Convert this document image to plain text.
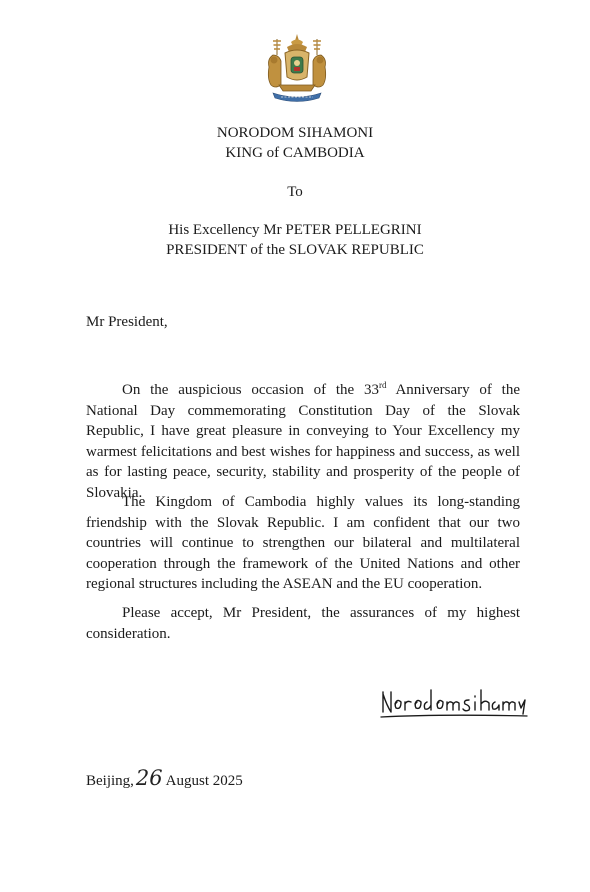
NORODOM SIHAMONI
KING of CAMBODIA
To
His Excellency Mr PETER PELLEGRINI
PRESIDENT of the SLOVAK REPUBLIC
Mr President,

On the auspicious occasion of the 33rd Anniversary of the National Day commemorating Constitution Day of the Slovak Republic, I have great pleasure in conveying to Your Excellency my warmest felicitations and best wishes for happiness and success, as well as for lasting peace, security, stability and prosperity of the people of Slovakia.

The Kingdom of Cambodia highly values its long-standing friendship with the Slovak Republic. I am confident that our two countries will continue to strengthen our bilateral and multilateral cooperation through the framework of the United Nations and other regional structures including the ASEAN and the EU cooperation.

Please accept, Mr President, the assurances of my highest consideration.

Beijing,26 August 2025
